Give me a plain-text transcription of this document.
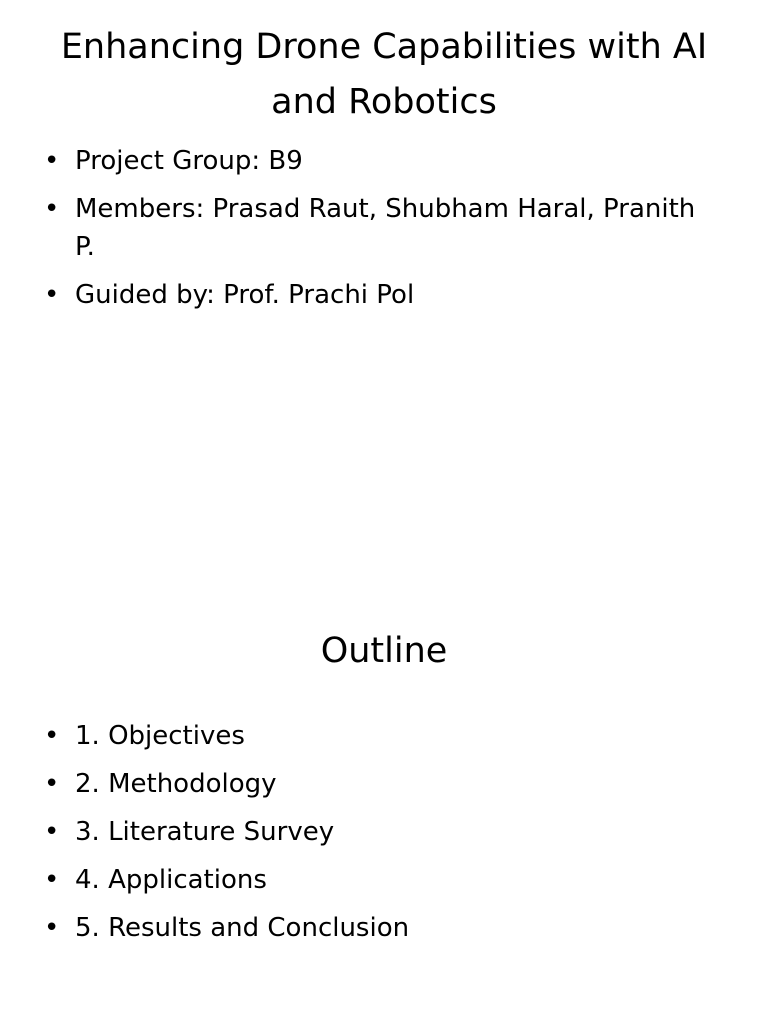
Enhancing Drone Capabilities with AI and Robotics
• Project Group: B9
• Members: Prasad Raut, Shubham Haral, Pranith P.
• Guided by: Prof. Prachi Pol
Outline
• 1. Objectives
• 2. Methodology
• 3. Literature Survey
• 4. Applications
• 5. Results and Conclusion
